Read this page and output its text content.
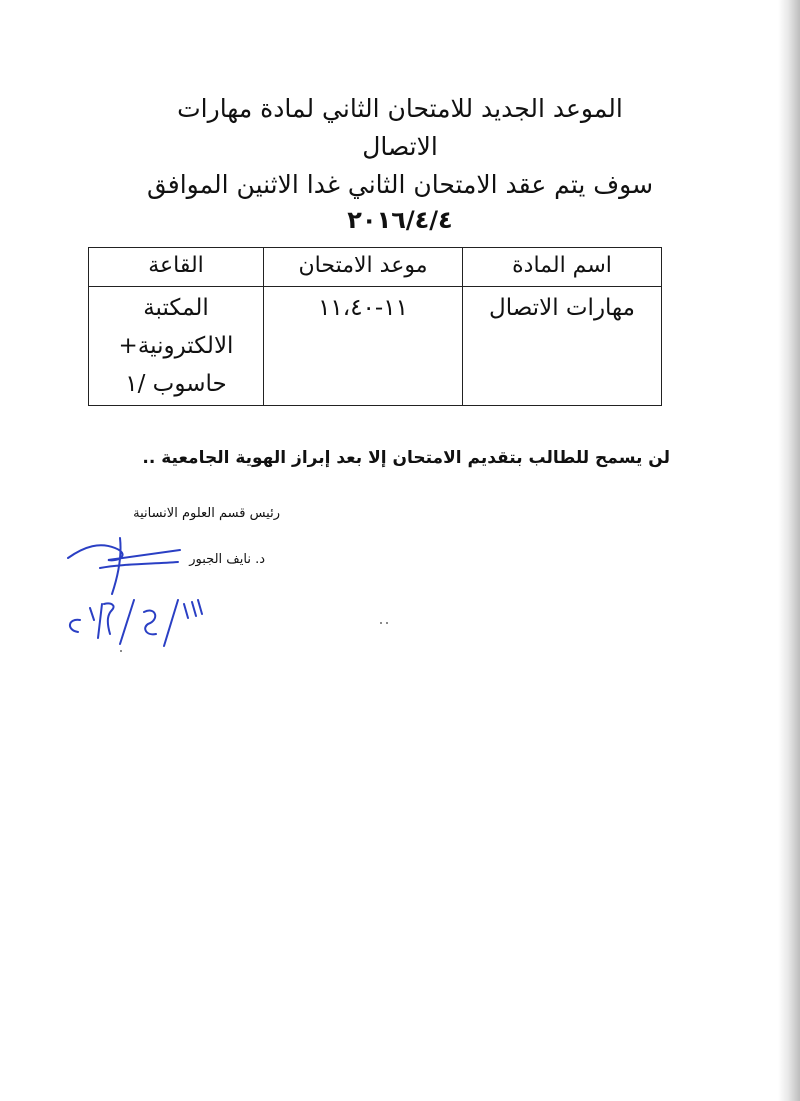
الموعد الجديد للامتحان الثاني لمادة مهارات
الاتصال
سوف يتم عقد الامتحان الثاني غدا الاثنين الموافق
٢٠١٦/٤/٤
اسم المادة	موعد الامتحان	القاعة
مهارات الاتصال	١١-١١،٤٠	المكتبة الالكترونية+ حاسوب /١
لن يسمح للطالب بتقديم الامتحان إلا بعد إبراز الهوية الجامعية ..
رئيس قسم العلوم الانسانية
د. نايف الجبور
